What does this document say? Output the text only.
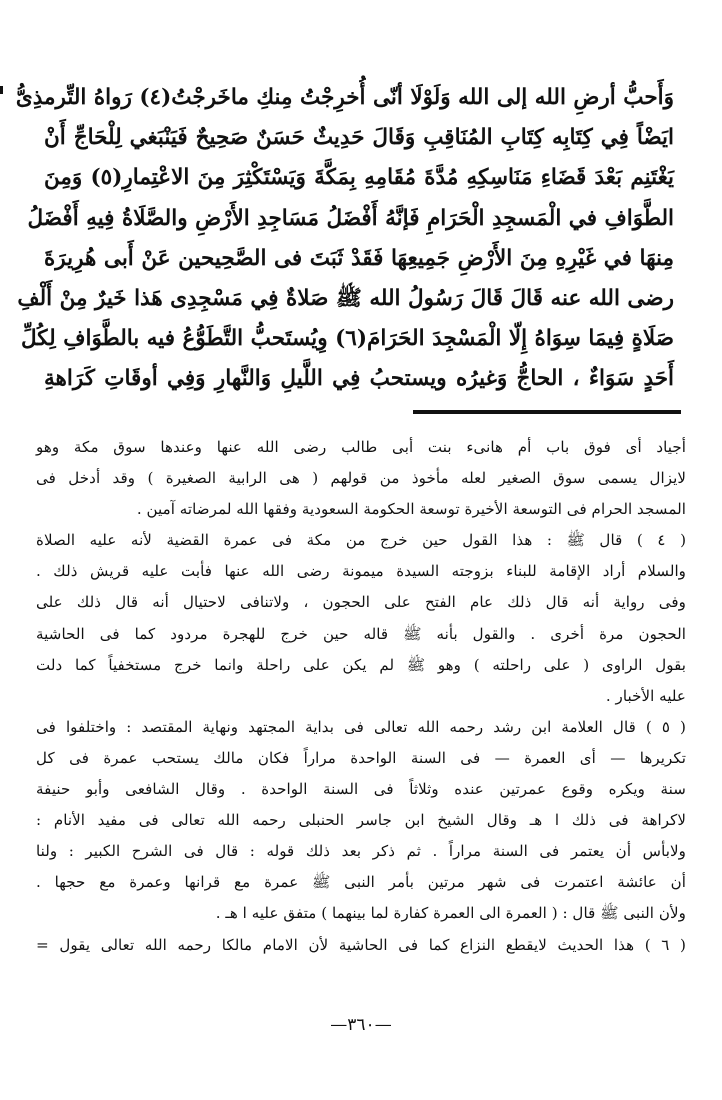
وَأَحبُّ أرضِ الله إلى الله وَلَوْلَا أنّى أُخرِجْتُ مِنكِ ماخَرجْتُ(٤) رَواهُ التِّرمذِىُّ
ايَضْاً فِي كِتَابِه كِتَابِ المُنَاقِبِ وَقَالَ حَدِيثٌ حَسَنٌ صَحِيحٌ فَيَنْبَغي لِلْحَاجِّ أَنْ
يَغْتَنِم بَعْدَ قَضَاءِ مَنَاسِكِهِ مُدَّةَ مُقَامِهِ بِمَكَّةَ وَيَسْتَكْثِرَ مِنَ الاعْتِمارِ(٥) وَمِنَ
الطَّوَافِ في الْمَسجِدِ الْحَرَامِ فَإنَّهُ أَفْضَلُ مَسَاجِدِ الأَرْضِ والصَّلَاةُ فِيهِ أَفْضَلُ
مِنهَا في غَيْرِهِ مِنَ الأَرْضِ جَمِيعِهَا فَقَدْ ثَبَتَ فى الصَّحِيحين عَنْ أَبى هُرِيرَةَ
رضى الله عنه قَالَ قَالَ رَسُولُ الله ﷺ صَلاةٌ فِي مَسْجِدِى هَذا خَيرٌ مِنْ أَلْفِ
صَلَاةٍ فِيمَا سِوَاهُ إِلّا الْمَسْجِدَ الحَرَامَ(٦) وِيُستَحبُّ التَّطَوُّعُ فيه بالطَّوَافِ لِكُلِّ
أَحَدٍ سَوَاءٌ ، الحاجُّ وَغيرُه ويستحبُ فِي اللَّيلِ وَالنَّهارِ وَفِي أوقَاتِ كَرَاهةِ
أجياد أى فوق باب أم هانىء بنت أبى طالب رضى الله عنها وعندها سوق مكة وهو
لايزال يسمى سوق الصغير لعله مأخوذ من قولهم ( هى الرابية الصغيرة ) وقد أدخل فى
المسجد الحرام فى التوسعة الأخيرة توسعة الحكومة السعودية وفقها الله لمرضاته آمين .
( ٤ ) قال ﷺ : هذا القول حين خرج من مكة فى عمرة القضية لأنه عليه الصلاة
والسلام أراد الإقامة للبناء بزوجته السيدة ميمونة رضى الله عنها فأبت عليه قريش ذلك .
وفى رواية أنه قال ذلك عام الفتح على الحجون ، ولاتنافى لاحتيال أنه قال ذلك على
الحجون مرة أخرى . والقول بأنه ﷺ قاله حين خرج للهجرة مردود كما فى الحاشية
بقول الراوى ( على راحلته ) وهو ﷺ لم يكن على راحلة وانما خرج مستخفياً كما دلت
عليه الأخبار .
( ٥ ) قال العلامة ابن رشد رحمه الله تعالى فى بداية المجتهد ونهاية المقتصد : واختلفوا فى
تكريرها — أى العمرة — فى السنة الواحدة مراراً فكان مالك يستحب عمرة فى كل
سنة ويكره وقوع عمرتين عنده وثلاثاً فى السنة الواحدة . وقال الشافعى وأبو حنيفة
لاكراهة فى ذلك ا هـ وقال الشيخ ابن جاسر الحنبلى رحمه الله تعالى فى مفيد الأنام :
ولابأس أن يعتمر فى السنة مراراً . ثم ذكر بعد ذلك قوله : قال فى الشرح الكبير : ولنا
أن عائشة اعتمرت فى شهر مرتين بأمر النبى ﷺ عمرة مع قرانها وعمرة مع حجها .
ولأن النبى ﷺ قال : ( العمرة الى العمرة كفارة لما بينهما ) متفق عليه ا هـ .
( ٦ ) هذا الحديث لايقطع النزاع كما فى الحاشية لأن الامام مالكا رحمه الله تعالى يقول =
—٣٦٠—
